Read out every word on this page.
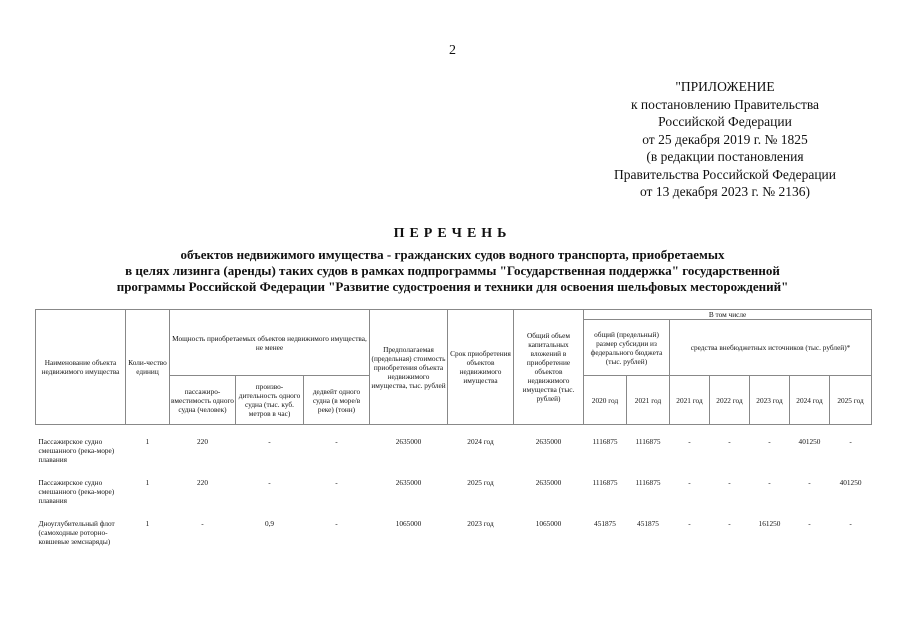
2
"ПРИЛОЖЕНИЕ
к постановлению Правительства
Российской Федерации
от 25 декабря 2019 г. № 1825
(в редакции постановления
Правительства Российской Федерации
от 13 декабря 2023 г. № 2136)
ПЕРЕЧЕНЬ
объектов недвижимого имущества - гражданских судов водного транспорта, приобретаемых
в целях лизинга (аренды) таких судов в рамках подпрограммы "Государственная поддержка" государственной
программы Российской Федерации "Развитие судостроения и техники для освоения шельфовых месторождений"
Наименование объекта недвижимого имущества	Коли-чество единиц	Мощность приобретаемых объектов недвижимого имущества, не менее			Предполагаемая (предельная) стоимость приобретения объекта недвижимого имущества, тыс. рублей	Срок приобретения объектов недвижимого имущества	Общий объем капитальных вложений в приобретение объектов недвижимого имущества (тыс. рублей)	В том числе						
								общий (предельный) размер субсидии из федерального бюджета (тыс. рублей)		средства внебюджетных источников (тыс. рублей)*				
		пассажиро-вместимость одного судна (человек)	произво-дительность одного судна (тыс. куб. метров в час)	дедвейт одного судна (в море/в реке) (тонн)				2020 год	2021 год	2021 год	2022 год	2023 год	2024 год	2025 год

Пассажирское судно смешанного (река-море) плавания	1	220	-	-	2635000	2024 год	2635000	1116875	1116875	-	-	-	401250	-
Пассажирское судно смешанного (река-море) плавания	1	220	-	-	2635000	2025 год	2635000	1116875	1116875	-	-	-	-	401250
Дноуглубительный флот (самоходные роторно-ковшевые земснаряды)	1	-	0,9	-	1065000	2023 год	1065000	451875	451875	-	-	161250	-	-
